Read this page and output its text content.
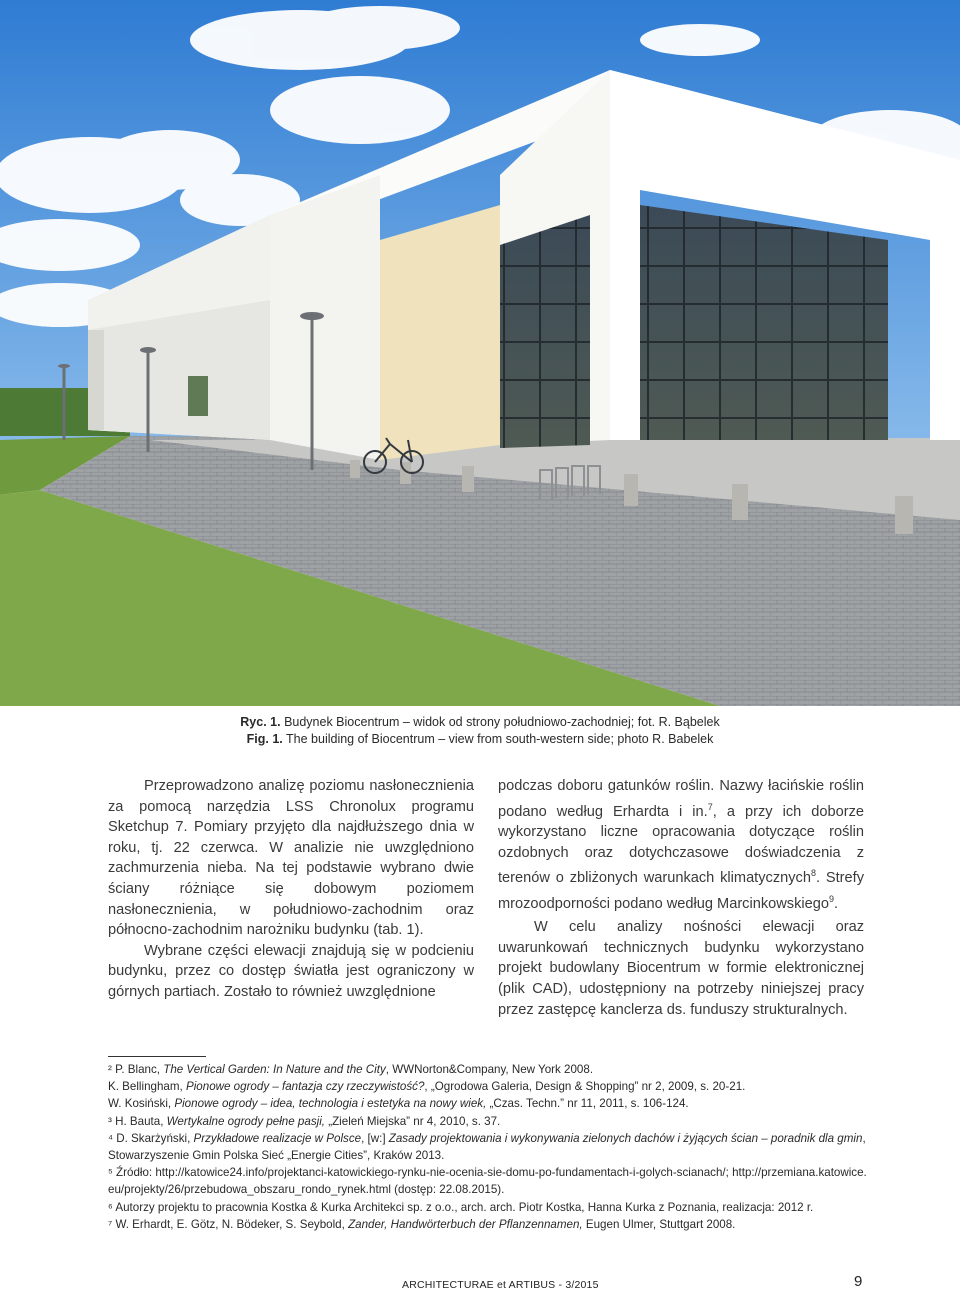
Ryc. 1. Budynek Biocentrum – widok od strony południowo-zachodniej; fot. R. Bąbelek
Fig. 1. The building of Biocentrum – view from south-western side; photo R. Babelek

Przeprowadzono analizę poziomu nasłonecznienia za pomocą narzędzia LSS Chronolux programu Sketchup 7. Pomiary przyjęto dla najdłuższego dnia w roku, tj. 22 czerwca. W analizie nie uwzględniono zachmurzenia nieba. Na tej podstawie wybrano dwie ściany różniące się dobowym poziomem nasłonecznienia, w południowo-zachodnim oraz północno-zachodnim narożniku budynku (tab. 1).

Wybrane części elewacji znajdują się w podcieniu budynku, przez co dostęp światła jest ograniczony w górnych partiach. Zostało to również uwzględnione

podczas doboru gatunków roślin. Nazwy łacińskie roślin podano według Erhardta i in.$^7$, a przy ich doborze wykorzystano liczne opracowania dotyczące roślin ozdobnych oraz dotychczasowe doświadczenia z terenów o zbliżonych warunkach klimatycznych$^8$. Strefy mrozoodporności podano według Marcinkowskiego$^9$.

W celu analizy nośności elewacji oraz uwarunkowań technicznych budynku wykorzystano projekt budowlany Biocentrum w formie elektronicznej (plik CAD), udostępniony na potrzeby niniejszej pracy przez zastępcę kanclerza ds. funduszy strukturalnych.

² P. Blanc, The Vertical Garden: In Nature and the City, WWNorton&Company, New York 2008.
K. Bellingham, Pionowe ogrody – fantazja czy rzeczywistość?, „Ogrodowa Galeria, Design & Shopping” nr 2, 2009, s. 20-21.
W. Kosiński, Pionowe ogrody – idea, technologia i estetyka na nowy wiek, „Czas. Techn.” nr 11, 2011, s. 106-124.
³ H. Bauta, Wertykalne ogrody pełne pasji, „Zieleń Miejska” nr 4, 2010, s. 37.
⁴ D. Skarżyński, Przykładowe realizacje w Polsce, [w:] Zasady projektowania i wykonywania zielonych dachów i żyjących ścian – poradnik dla gmin, Stowarzyszenie Gmin Polska Sieć „Energie Cities”, Kraków 2013.
⁵ Źródło: http://katowice24.info/projektanci-katowickiego-rynku-nie-ocenia-sie-domu-po-fundamentach-i-golych-scianach/; http://przemiana.katowice.eu/projekty/26/przebudowa_obszaru_rondo_rynek.html (dostęp: 22.08.2015).
⁶ Autorzy projektu to pracownia Kostka & Kurka Architekci sp. z o.o., arch. arch. Piotr Kostka, Hanna Kurka z Poznania, realizacja: 2012 r.
⁷ W. Erhardt, E. Götz, N. Bödeker, S. Seybold, Zander, Handwörterbuch der Pflanzennamen, Eugen Ulmer, Stuttgart 2008.
ARCHITECTURAE et ARTIBUS - 3/2015	9
